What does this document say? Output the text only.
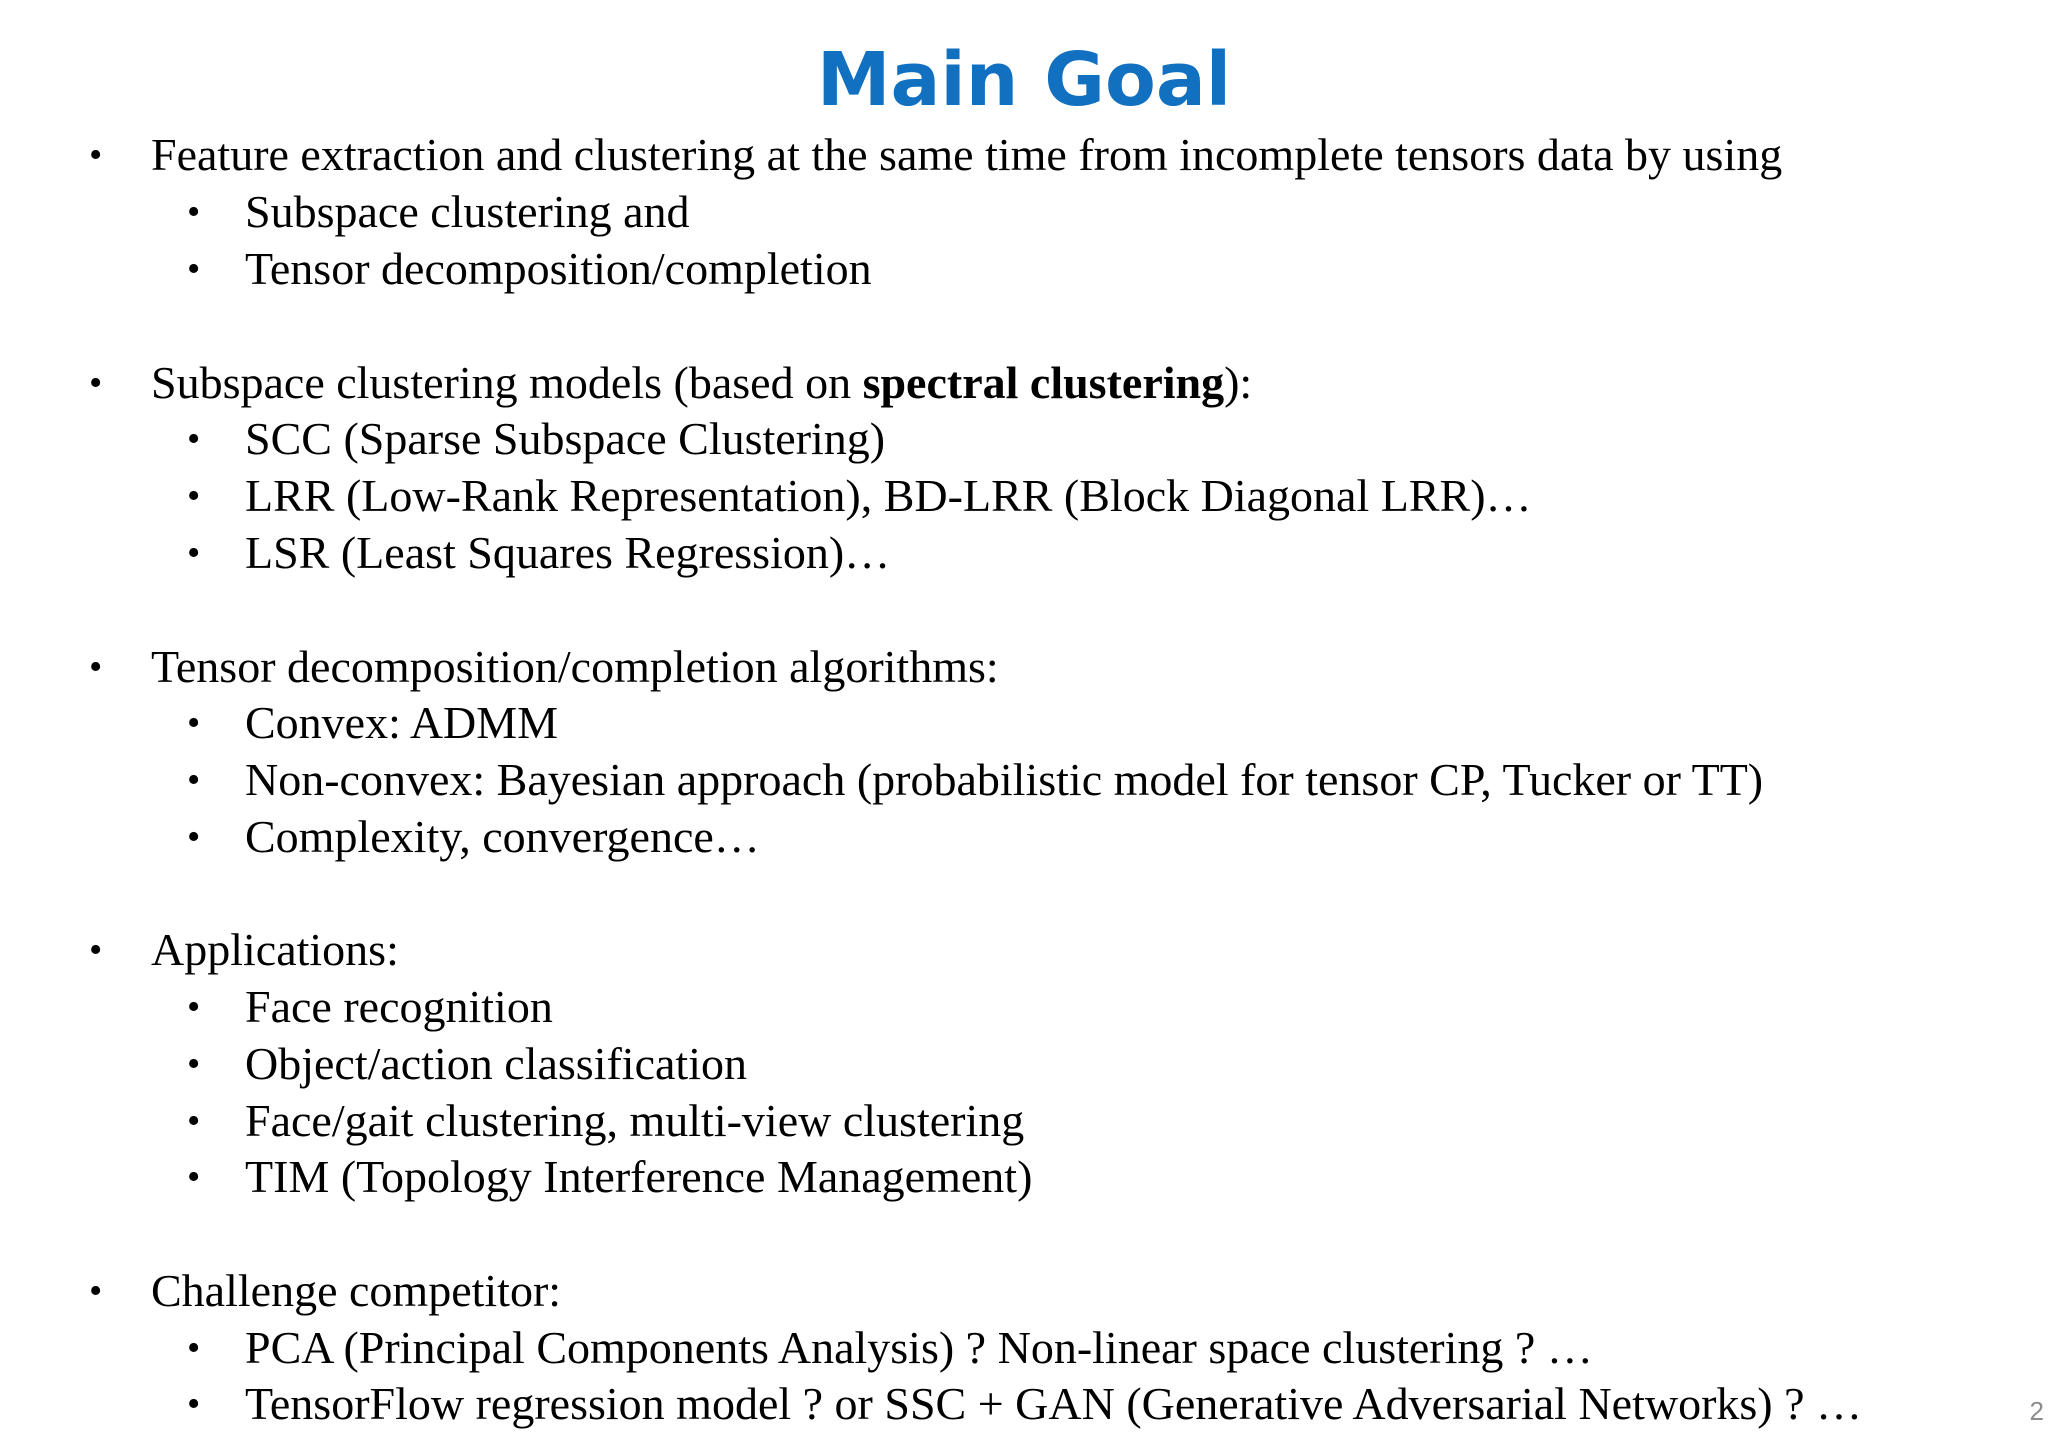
Main Goal
• Feature extraction and clustering at the same time from incomplete tensors data by using
• Subspace clustering and
• Tensor decomposition/completion
• Subspace clustering models (based on spectral clustering):
• SCC (Sparse Subspace Clustering)
• LRR (Low-Rank Representation), BD-LRR (Block Diagonal LRR)…
• LSR (Least Squares Regression)…
• Tensor decomposition/completion algorithms:
• Convex: ADMM
• Non-convex: Bayesian approach (probabilistic model for tensor CP, Tucker or TT)
• Complexity, convergence…
• Applications:
• Face recognition
• Object/action classification
• Face/gait clustering, multi-view clustering
• TIM (Topology Interference Management)
• Challenge competitor:
• PCA (Principal Components Analysis) ? Non-linear space clustering ? …
• TensorFlow regression model ? or SSC + GAN (Generative Adversarial Networks) ? …	2
